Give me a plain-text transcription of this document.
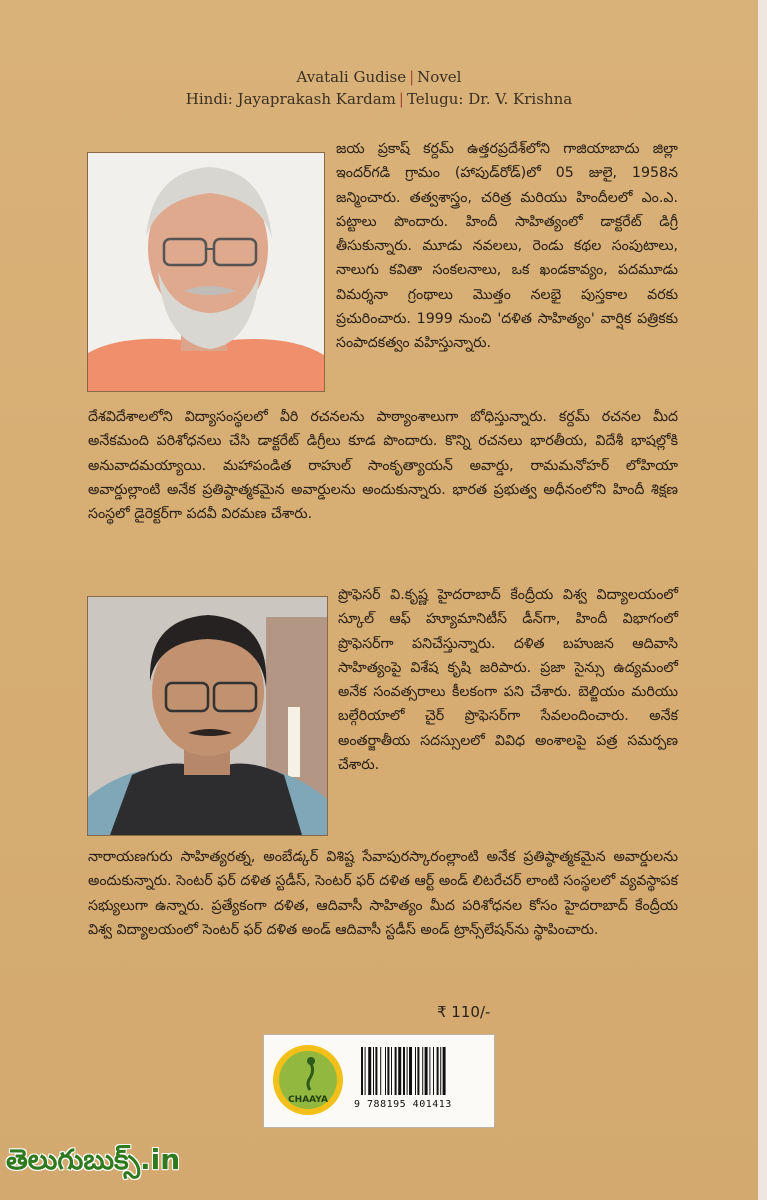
Avatali Gudise | Novel
Hindi: Jayaprakash Kardam | Telugu: Dr. V. Krishna
జయ ప్రకాష్ కర్దమ్ ఉత్తరప్రదేశ్‌లోని గాజియాబాదు జిల్లా ఇందర్‌గడి గ్రామం (హాపుడ్‌రోడ్)లో 05 జులై, 1958న జన్మించారు. తత్వశాస్త్రం, చరిత్ర మరియు హిందీలలో ఎం.ఎ. పట్టాలు పొందారు. హిందీ సాహిత్యంలో డాక్టరేట్ డిగ్రీ తీసుకున్నారు. మూడు నవలలు, రెండు కథల సంపుటాలు, నాలుగు కవితా సంకలనాలు, ఒక ఖండకావ్యం, పదమూడు విమర్శనా గ్రంథాలు మొత్తం నలభై పుస్తకాల వరకు ప్రచురించారు. 1999 నుంచి 'దళిత సాహిత్యం' వార్షిక పత్రికకు సంపాదకత్వం వహిస్తున్నారు.
దేశవిదేశాలలోని విద్యాసంస్థలలో వీరి రచనలను పాఠ్యాంశాలుగా బోధిస్తున్నారు. కర్దమ్ రచనల మీద అనేకమంది పరిశోధనలు చేసి డాక్టరేట్ డిగ్రీలు కూడ పొందారు. కొన్ని రచనలు భారతీయ, విదేశీ భాషల్లోకి అనువాదమయ్యాయి. మహాపండిత రాహుల్ సాంకృత్యాయన్ అవార్డు, రామమనోహర్ లోహియా అవార్డుల్లాంటి అనేక ప్రతిష్ఠాత్మకమైన అవార్డులను అందుకున్నారు. భారత ప్రభుత్వ అధీనంలోని హిందీ శిక్షణ సంస్థలో డైరెక్టర్‌గా పదవీ విరమణ చేశారు.
ప్రొఫెసర్ వి.కృష్ణ హైదరాబాద్ కేంద్రీయ విశ్వ విద్యాలయంలో స్కూల్ ఆఫ్ హ్యూమానిటీస్ డీన్‌గా, హిందీ విభాగంలో ప్రొఫెసర్‌గా పనిచేస్తున్నారు. దళిత బహుజన ఆదివాసి సాహిత్యంపై విశేష కృషి జరిపారు. ప్రజా సైన్సు ఉద్యమంలో అనేక సంవత్సరాలు కీలకంగా పని చేశారు. బెల్జియం మరియు బల్గేరియాలో చైర్ ప్రొఫెసర్‌గా సేవలందించారు. అనేక అంతర్జాతీయ సదస్సులలో వివిధ అంశాలపై పత్ర సమర్పణ చేశారు.
నారాయణగురు సాహిత్యరత్న, అంబేడ్కర్ విశిష్ట సేవాపురస్కారంల్లాంటి అనేక ప్రతిష్ఠాత్మకమైన అవార్డులను అందుకున్నారు. సెంటర్ ఫర్ దళిత స్టడీస్, సెంటర్ ఫర్ దళిత ఆర్ట్ అండ్ లిటరేచర్ లాంటి సంస్థలలో వ్యవస్థాపక సభ్యులుగా ఉన్నారు. ప్రత్యేకంగా దళిత, ఆదివాసీ సాహిత్యం మీద పరిశోధనల కోసం హైదరాబాద్ కేంద్రీయ విశ్వ విద్యాలయంలో సెంటర్ ఫర్ దళిత అండ్ ఆదివాసీ స్టడీస్ అండ్ ట్రాన్స్‌లేషన్‌ను స్థాపించారు.
₹ 110/-
CHAAYA	9 788195 401413
తెలుగుబుక్స్.in
